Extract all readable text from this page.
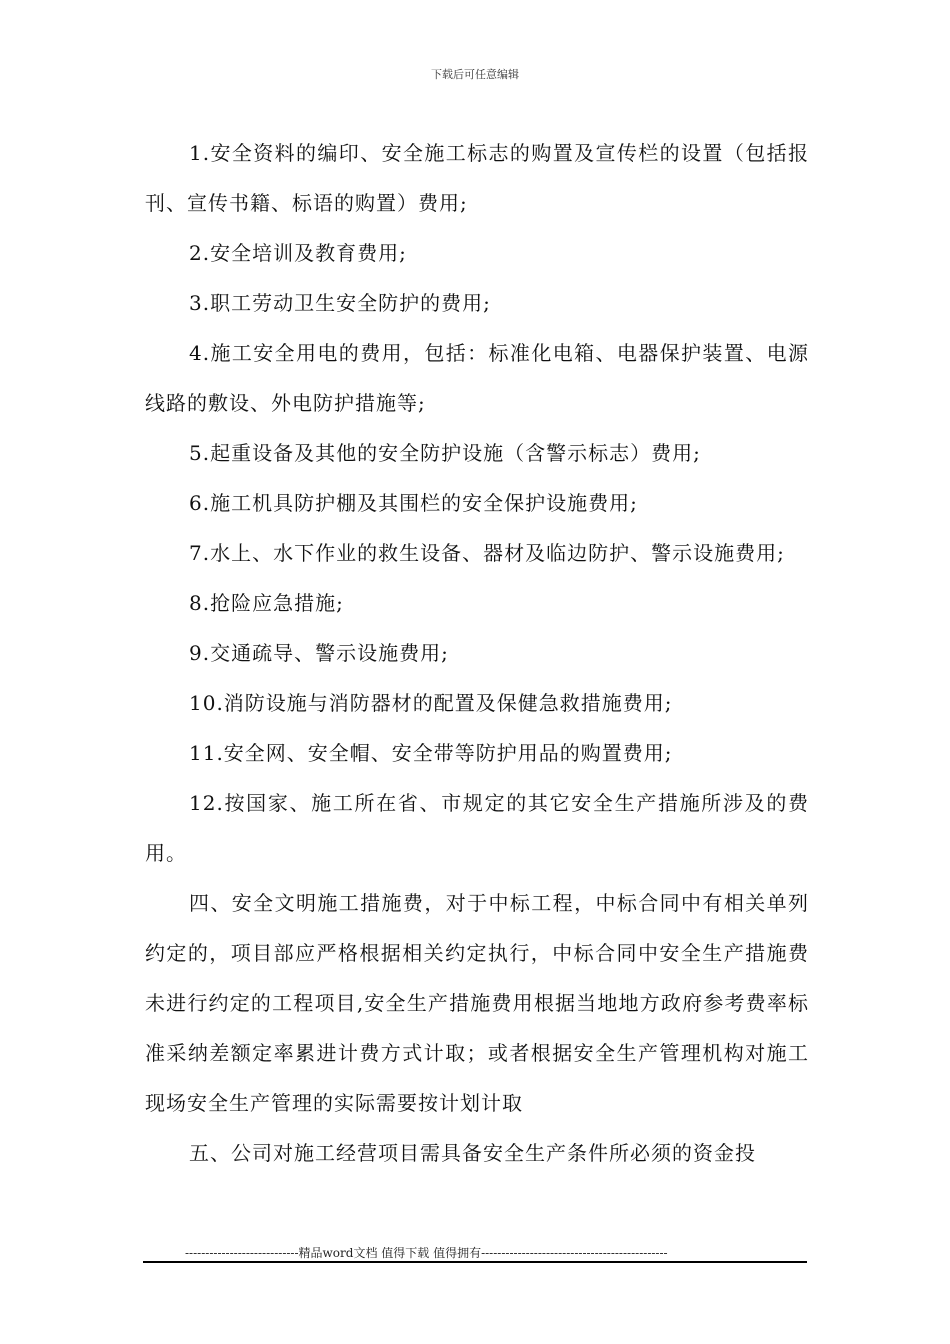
下载后可任意编辑

1.安全资料的编印、安全施工标志的购置及宣传栏的设置（包括报刊、宣传书籍、标语的购置）费用;

2.安全培训及教育费用;

3.职工劳动卫生安全防护的费用;

4.施工安全用电的费用，包括：标准化电箱、电器保护装置、电源线路的敷设、外电防护措施等;

5.起重设备及其他的安全防护设施（含警示标志）费用;

6.施工机具防护棚及其围栏的安全保护设施费用;

7.水上、水下作业的救生设备、器材及临边防护、警示设施费用;

8.抢险应急措施;

9.交通疏导、警示设施费用;

10.消防设施与消防器材的配置及保健急救措施费用;

11.安全网、安全帽、安全带等防护用品的购置费用;

12.按国家、施工所在省、市规定的其它安全生产措施所涉及的费用。

四、安全文明施工措施费，对于中标工程，中标合同中有相关单列约定的，项目部应严格根据相关约定执行，中标合同中安全生产措施费未进行约定的工程项目,安全生产措施费用根据当地地方政府参考费率标准采纳差额定率累进计费方式计取；或者根据安全生产管理机构对施工现场安全生产管理的实际需要按计划计取

五、公司对施工经营项目需具备安全生产条件所必须的资金投

----------------------------精品word文档 值得下载 值得拥有----------------------------------------------
